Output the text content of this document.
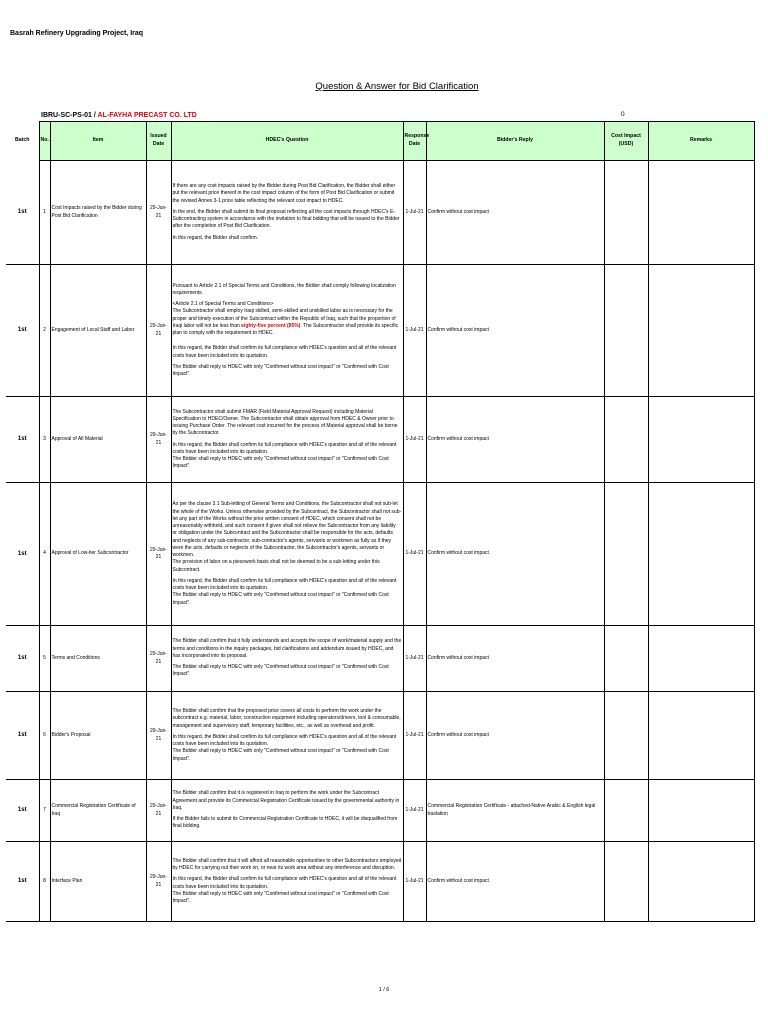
Basrah Refinery Upgrading Project, Iraq
Question & Answer for Bid Clarification
IBRU-SC-PS-01 / AL-FAYHA PRECAST CO. LTD	0
Batch	No.	Item	Issued Date	HDEC's Question	Response Date	Bidder's Reply	Cost Impact (USD)	Remarks
1st	1	Cost Impacts raised by the Bidder during Post Bid Clarification	29-Jun-21	If there are any cost impacts raised by the Bidder during Post Bid Clarification, the Bidder shall either put the relevant price thereof in the cost impact column of the form of Post Bid Clarification or submit the revised Annex 3-1 price table reflecting the relevant cost impact to HDEC.

In the end, the Bidder shall submit its final proposal reflecting all the cost impacts through HDEC's E-Subcontracting system in accordance with the invitation to final bidding that will be issued to the Bidder after the completion of Post Bid Clarification.

In this regard, the Bidder shall confirm.	1-Jul-21	Confirm without cost impact		
1st	2	Engagement of Local Staff and Labor	29-Jun-21	Pursuant to Article 2.1 of Special Terms and Conditions, the Bidder shall comply following localization requirements.

<Article 2.1 of Special Terms and Conditions>
The Subcontractor shall employ Iraqi skilled, semi-skilled and unskilled labor as is necessary for the proper and timely execution of the Subcontract within the Republic of Iraq, such that the proportion of Iraqi labor will not be less than eighty-five percent (85%). The Subcontractor shall provide its specific plan to comply with the requirement to HDEC.

In this regard, the Bidder shall confirm its full compliance with HDEC's question and all of the relevant costs have been included into its quotation.

The Bidder shall reply to HDEC with only "Confirmed without cost impact" or "Confirmed with Cost Impact".	1-Jul-21	Confirm without cost impact		
1st	3	Approval of All Material	29-Jun-21	The Subcontractor shall submit FMAR (Field Material Approval Request) including Material Specification to HDEC/Owner. The Subcontractor shall obtain approval from HDEC & Owner prior to issuing Purchase Order. The relevant cost incurred for the process of Material approval shall be borne by the Subcontractor.

In this regard, the Bidder shall confirm its full compliance with HDEC's question and all of the relevant costs have been included into its quotation.

The Bidder shall reply to HDEC with only "Confirmed without cost impact" or "Confirmed with Cost Impact".	1-Jul-21	Confirm without cost impact		
1st	4	Approval of Low-tier Subcontractor	29-Jun-21	As per the clause 3.1 Sub-letting of General Terms and Conditions, the Subcontractor shall not sub-let the whole of the Works. Unless otherwise provided by the Subcontract, the Subcontractor shall not sub-let any part of the Works without the prior written consent of HDEC, which consent shall not be unreasonably withheld, and such consent if given shall not relieve the Subcontractor from any liability or obligation under the Subcontract and the Subcontractor shall be responsible for the acts, defaults and neglects of any sub-contractor, sub-contractor's agents, servants or workmen as fully as if they were the acts, defaults or neglects of the Subcontractor, the Subcontractor's agents, servants or workmen.

The provision of labor on a piecework basis shall not be deemed to be a sub-letting under this Subcontract.

In this regard, the Bidder shall confirm its full compliance with HDEC's question and all of the relevant costs have been included into its quotation.

The Bidder shall reply to HDEC with only "Confirmed without cost impact" or "Confirmed with Cost Impact".	1-Jul-21	Confirm without cost impact		
1st	5	Terms and Conditions	29-Jun-21	The Bidder shall confirm that it fully understands and accepts the scope of work/material supply and the terms and conditions in the inquiry packages, bid clarifications and addendum issued by HDEC, and has incorporated into its proposal.

The Bidder shall reply to HDEC with only "Confirmed without cost impact" or "Confirmed with Cost Impact".	1-Jul-21	Confirm without cost impact		
1st	6	Bidder's Proposal	29-Jun-21	The Bidder shall confirm that the proposed price covers all costs to perform the work under the subcontract e.g. material, labor, construction equipment including operators/drivers, tool & consumable, management and supervisory staff, temporary facilities, etc., as well as overhead and profit.

In this regard, the Bidder shall confirm its full compliance with HDEC's question and all of the relevant costs have been included into its quotation.

The Bidder shall reply to HDEC with only "Confirmed without cost impact" or "Confirmed with Cost Impact".	1-Jul-21	Confirm without cost impact		
1st	7	Commercial Registration Certificate of Iraq	29-Jun-21	The Bidder shall confirm that it is registered in Iraq to perform the work under the Subcontract Agreement and provide its Commercial Registration Certificate issued by the governmental authority in Iraq.

If the Bidder fails to submit its Commercial Registration Certificate to HDEC, it will be disqualified from final bidding.	1-Jul-21	Commercial Registration Certificate - attached-Native Arabic & English legal traslation		
1st	8	Interface Plan	29-Jun-21	The Bidder shall confirm that it will afford all reasonable opportunities to other Subcontractors employed by HDEC for carrying out their work on, or near its work area without any interference and disruption.

In this regard, the Bidder shall confirm its full compliance with HDEC's question and all of the relevant costs have been included into its quotation.

The Bidder shall reply to HDEC with only "Confirmed without cost impact" or "Confirmed with Cost Impact".	1-Jul-21	Confirm without cost impact		
1 / 6
